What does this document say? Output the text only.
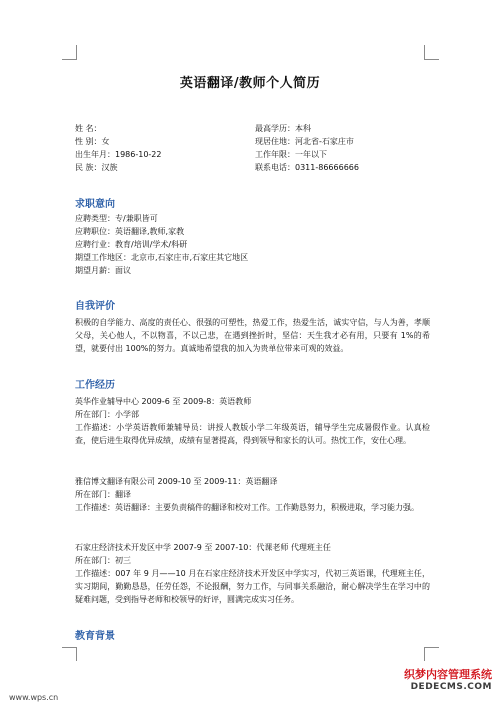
英语翻译/教师个人简历
姓 名：	最高学历：本科
性 别：女	现居住地：河北省-石家庄市
出生年月：1986-10-22	工作年限：一年以下
民 族：汉族	联系电话：0311-86666666
求职意向
应聘类型：专/兼职皆可
应聘职位：英语翻译,教师,家教
应聘行业：教育/培训/学术/科研
期望工作地区：北京市,石家庄市,石家庄其它地区
期望月薪：面议
自我评价
积极的自学能力、高度的责任心、很强的可塑性，热爱工作，热爱生活，诚实守信，与人为善，孝顺父母，关心他人，不以物喜，不以己悲，在遇到挫折时，坚信：天生我才必有用，只要有 1%的希望，就要付出 100%的努力。真诚地希望我的加入为贵单位带来可观的效益。
工作经历
英华作业辅导中心 2009-6 至 2009-8：英语教师
所在部门：小学部
工作描述：小学英语教师兼辅导员：讲授人教版小学二年级英语，辅导学生完成暑假作业。认真检查，使后进生取得优异成绩，成绩有显著提高，得到领导和家长的认可。热忱工作，安仕心理。
雅信博文翻译有限公司 2009-10 至 2009-11：英语翻译
所在部门：翻译
工作描述：英语翻译：主要负责稿件的翻译和校对工作。工作勤恳努力，积极进取，学习能力强。
石家庄经济技术开发区中学 2007-9 至 2007-10：代课老师 代理班主任
所在部门：初三
工作描述：007 年 9 月——10 月在石家庄经济技术开发区中学实习，代初三英语课，代理班主任，实习期间，勤勤恳恳，任劳任怨，不论报酬，努力工作，与同事关系融洽，耐心解决学生在学习中的疑难问题，受到指导老师和校领导的好评，圆满完成实习任务。
教育背景
www.wps.cn
织梦内容管理系统
DEDECMS.COM
